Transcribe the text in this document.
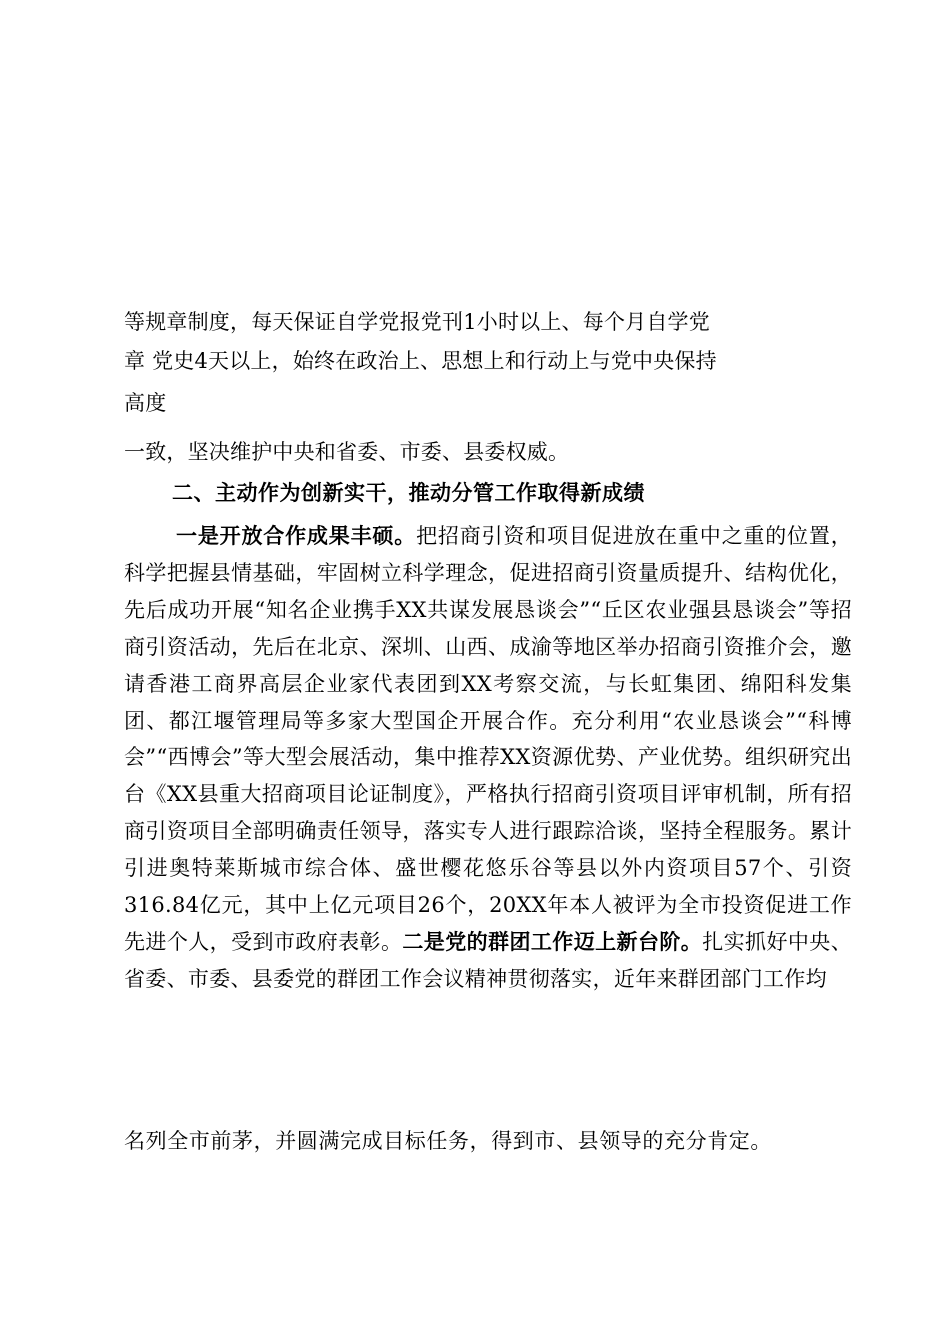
等规章制度，每天保证自学党报党刊1小时以上、每个月自学党
章 党史4天以上，始终在政治上、思想上和行动上与党中央保持
高度
一致，坚决维护中央和省委、市委、县委权威。
二、主动作为创新实干，推动分管工作取得新成绩
一是开放合作成果丰硕。把招商引资和项目促进放在重中之重的位置，科学把握县情基础，牢固树立科学理念，促进招商引资量质提升、结构优化，先后成功开展“知名企业携手XX共谋发展恳谈会”“丘区农业强县恳谈会”等招商引资活动，先后在北京、深圳、山西、成渝等地区举办招商引资推介会，邀请香港工商界高层企业家代表团到XX考察交流，与长虹集团、绵阳科发集团、都江堰管理局等多家大型国企开展合作。充分利用“农业恳谈会”“科博会”“西博会”等大型会展活动，集中推荐XX资源优势、产业优势。组织研究出台《XX县重大招商项目论证制度》，严格执行招商引资项目评审机制，所有招商引资项目全部明确责任领导，落实专人进行跟踪洽谈，坚持全程服务。累计引进奥特莱斯城市综合体、盛世樱花悠乐谷等县以外内资项目57个、引资316.84亿元，其中上亿元项目26个，20XX年本人被评为全市投资促进工作先进个人，受到市政府表彰。二是党的群团工作迈上新台阶。扎实抓好中央、省委、市委、县委党的群团工作会议精神贯彻落实，近年来群团部门工作均
名列全市前茅，并圆满完成目标任务，得到市、县领导的充分肯定。
